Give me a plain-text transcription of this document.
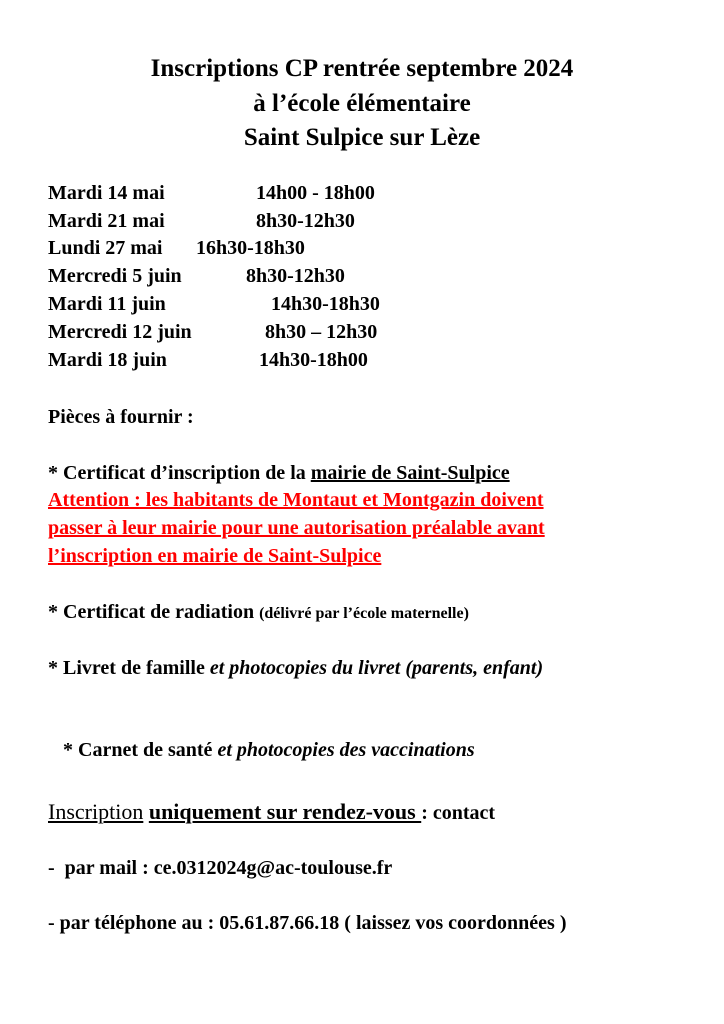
Inscriptions CP rentrée septembre 2024
à l’école élémentaire
Saint Sulpice sur Lèze
Mardi 14 mai	14h00 - 18h00
Mardi 21 mai	8h30-12h30
Lundi 27 mai 16h30-18h30
Mercredi 5 juin	8h30-12h30
Mardi 11 juin	14h30-18h30
Mercredi 12 juin	8h30 – 12h30
Mardi 18 juin	14h30-18h00
Pièces à fournir :
* Certificat d’inscription de la mairie de Saint-Sulpice
Attention : les habitants de Montaut et Montgazin doivent
passer à leur mairie pour une autorisation préalable avant
l’inscription en mairie de Saint-Sulpice
* Certificat de radiation (délivré par l’école maternelle)
* Livret de famille et photocopies du livret (parents, enfant)

* Carnet de santé et photocopies des vaccinations

Inscription uniquement sur rendez-vous : contact
-  par mail : ce.0312024g@ac-toulouse.fr
- par téléphone au : 05.61.87.66.18 ( laissez vos coordonnées )
